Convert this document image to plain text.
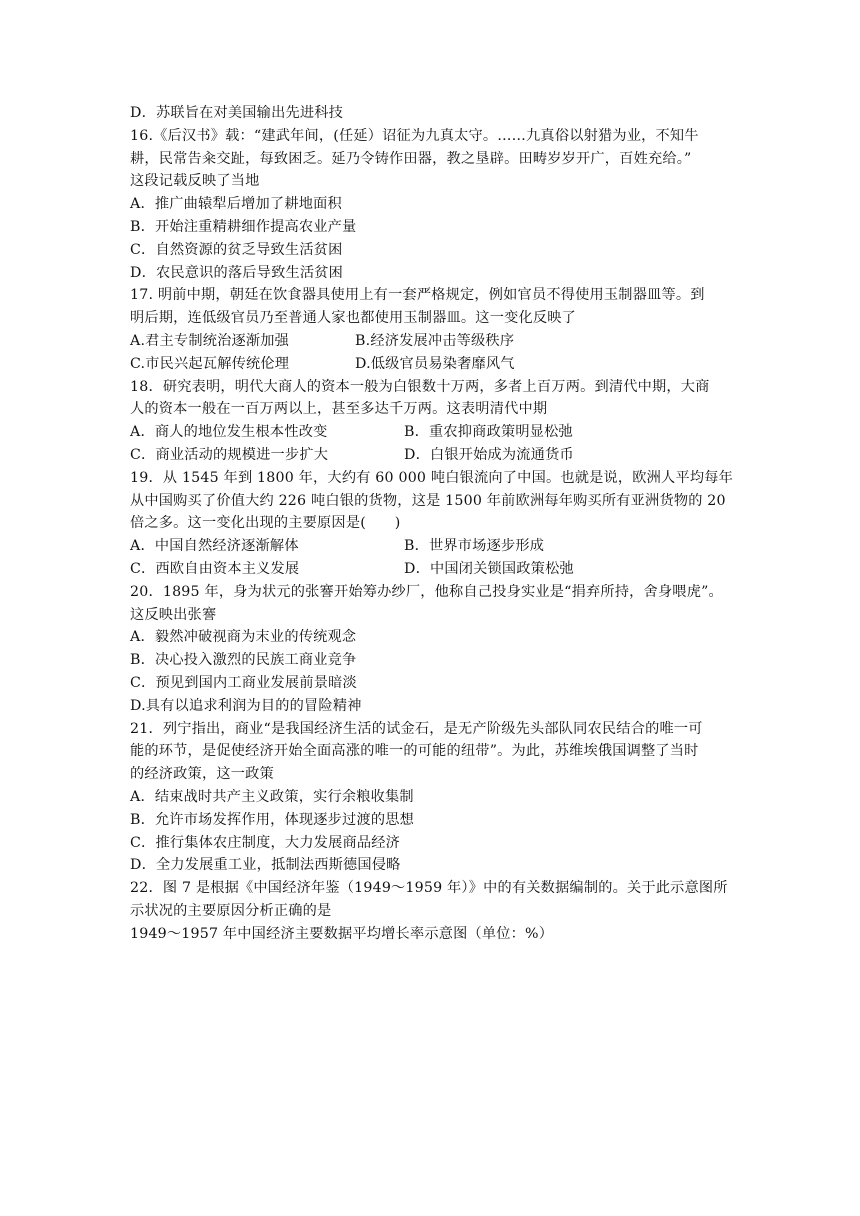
D．苏联旨在对美国输出先进科技
16.《后汉书》载：“建武年间，(任延）诏征为九真太守。……九真俗以射猎为业，不知牛
耕，民常告籴交趾，每致困乏。延乃令铸作田器，教之垦辟。田畴岁岁开广，百姓充给。”
这段记载反映了当地
A．推广曲辕犁后增加了耕地面积
B．开始注重精耕细作提高农业产量
C．自然资源的贫乏导致生活贫困
D．农民意识的落后导致生活贫困
17. 明前中期，朝廷在饮食器具使用上有一套严格规定，例如官员不得使用玉制器皿等。到
明后期，连低级官员乃至普通人家也都使用玉制器皿。这一变化反映了
A.君主专制统治逐渐加强	B.经济发展冲击等级秩序
C.市民兴起瓦解传统伦理	D.低级官员易染奢靡风气
18．研究表明，明代大商人的资本一般为白银数十万两，多者上百万两。到清代中期，大商
人的资本一般在一百万两以上，甚至多达千万两。这表明清代中期
A．商人的地位发生根本性改变	B．重农抑商政策明显松弛
C．商业活动的规模进一步扩大	D．白银开始成为流通货币
19．从 1545 年到 1800 年，大约有 60 000 吨白银流向了中国。也就是说，欧洲人平均每年
从中国购买了价值大约 226 吨白银的货物，这是 1500 年前欧洲每年购买所有亚洲货物的 20
倍之多。这一变化出现的主要原因是(　　)
A．中国自然经济逐渐解体	B．世界市场逐步形成
C．西欧自由资本主义发展	D．中国闭关锁国政策松弛
20．1895 年，身为状元的张謇开始筹办纱厂，他称自己投身实业是“捐弃所持，舍身喂虎”。
这反映出张謇
A．毅然冲破视商为末业的传统观念
B．决心投入激烈的民族工商业竞争
C．预见到国内工商业发展前景暗淡
D.具有以追求利润为目的的冒险精神
21．列宁指出，商业“是我国经济生活的试金石，是无产阶级先头部队同农民结合的唯一可
能的环节，是促使经济开始全面高涨的唯一的可能的纽带”。为此，苏维埃俄国调整了当时
的经济政策，这一政策
A．结束战时共产主义政策，实行余粮收集制
B．允许市场发挥作用，体现逐步过渡的思想
C．推行集体农庄制度，大力发展商品经济
D．全力发展重工业，抵制法西斯德国侵略
22．图 7 是根据《中国经济年鉴（1949～1959 年）》中的有关数据编制的。关于此示意图所
示状况的主要原因分析正确的是
1949～1957 年中国经济主要数据平均增长率示意图（单位：%）
